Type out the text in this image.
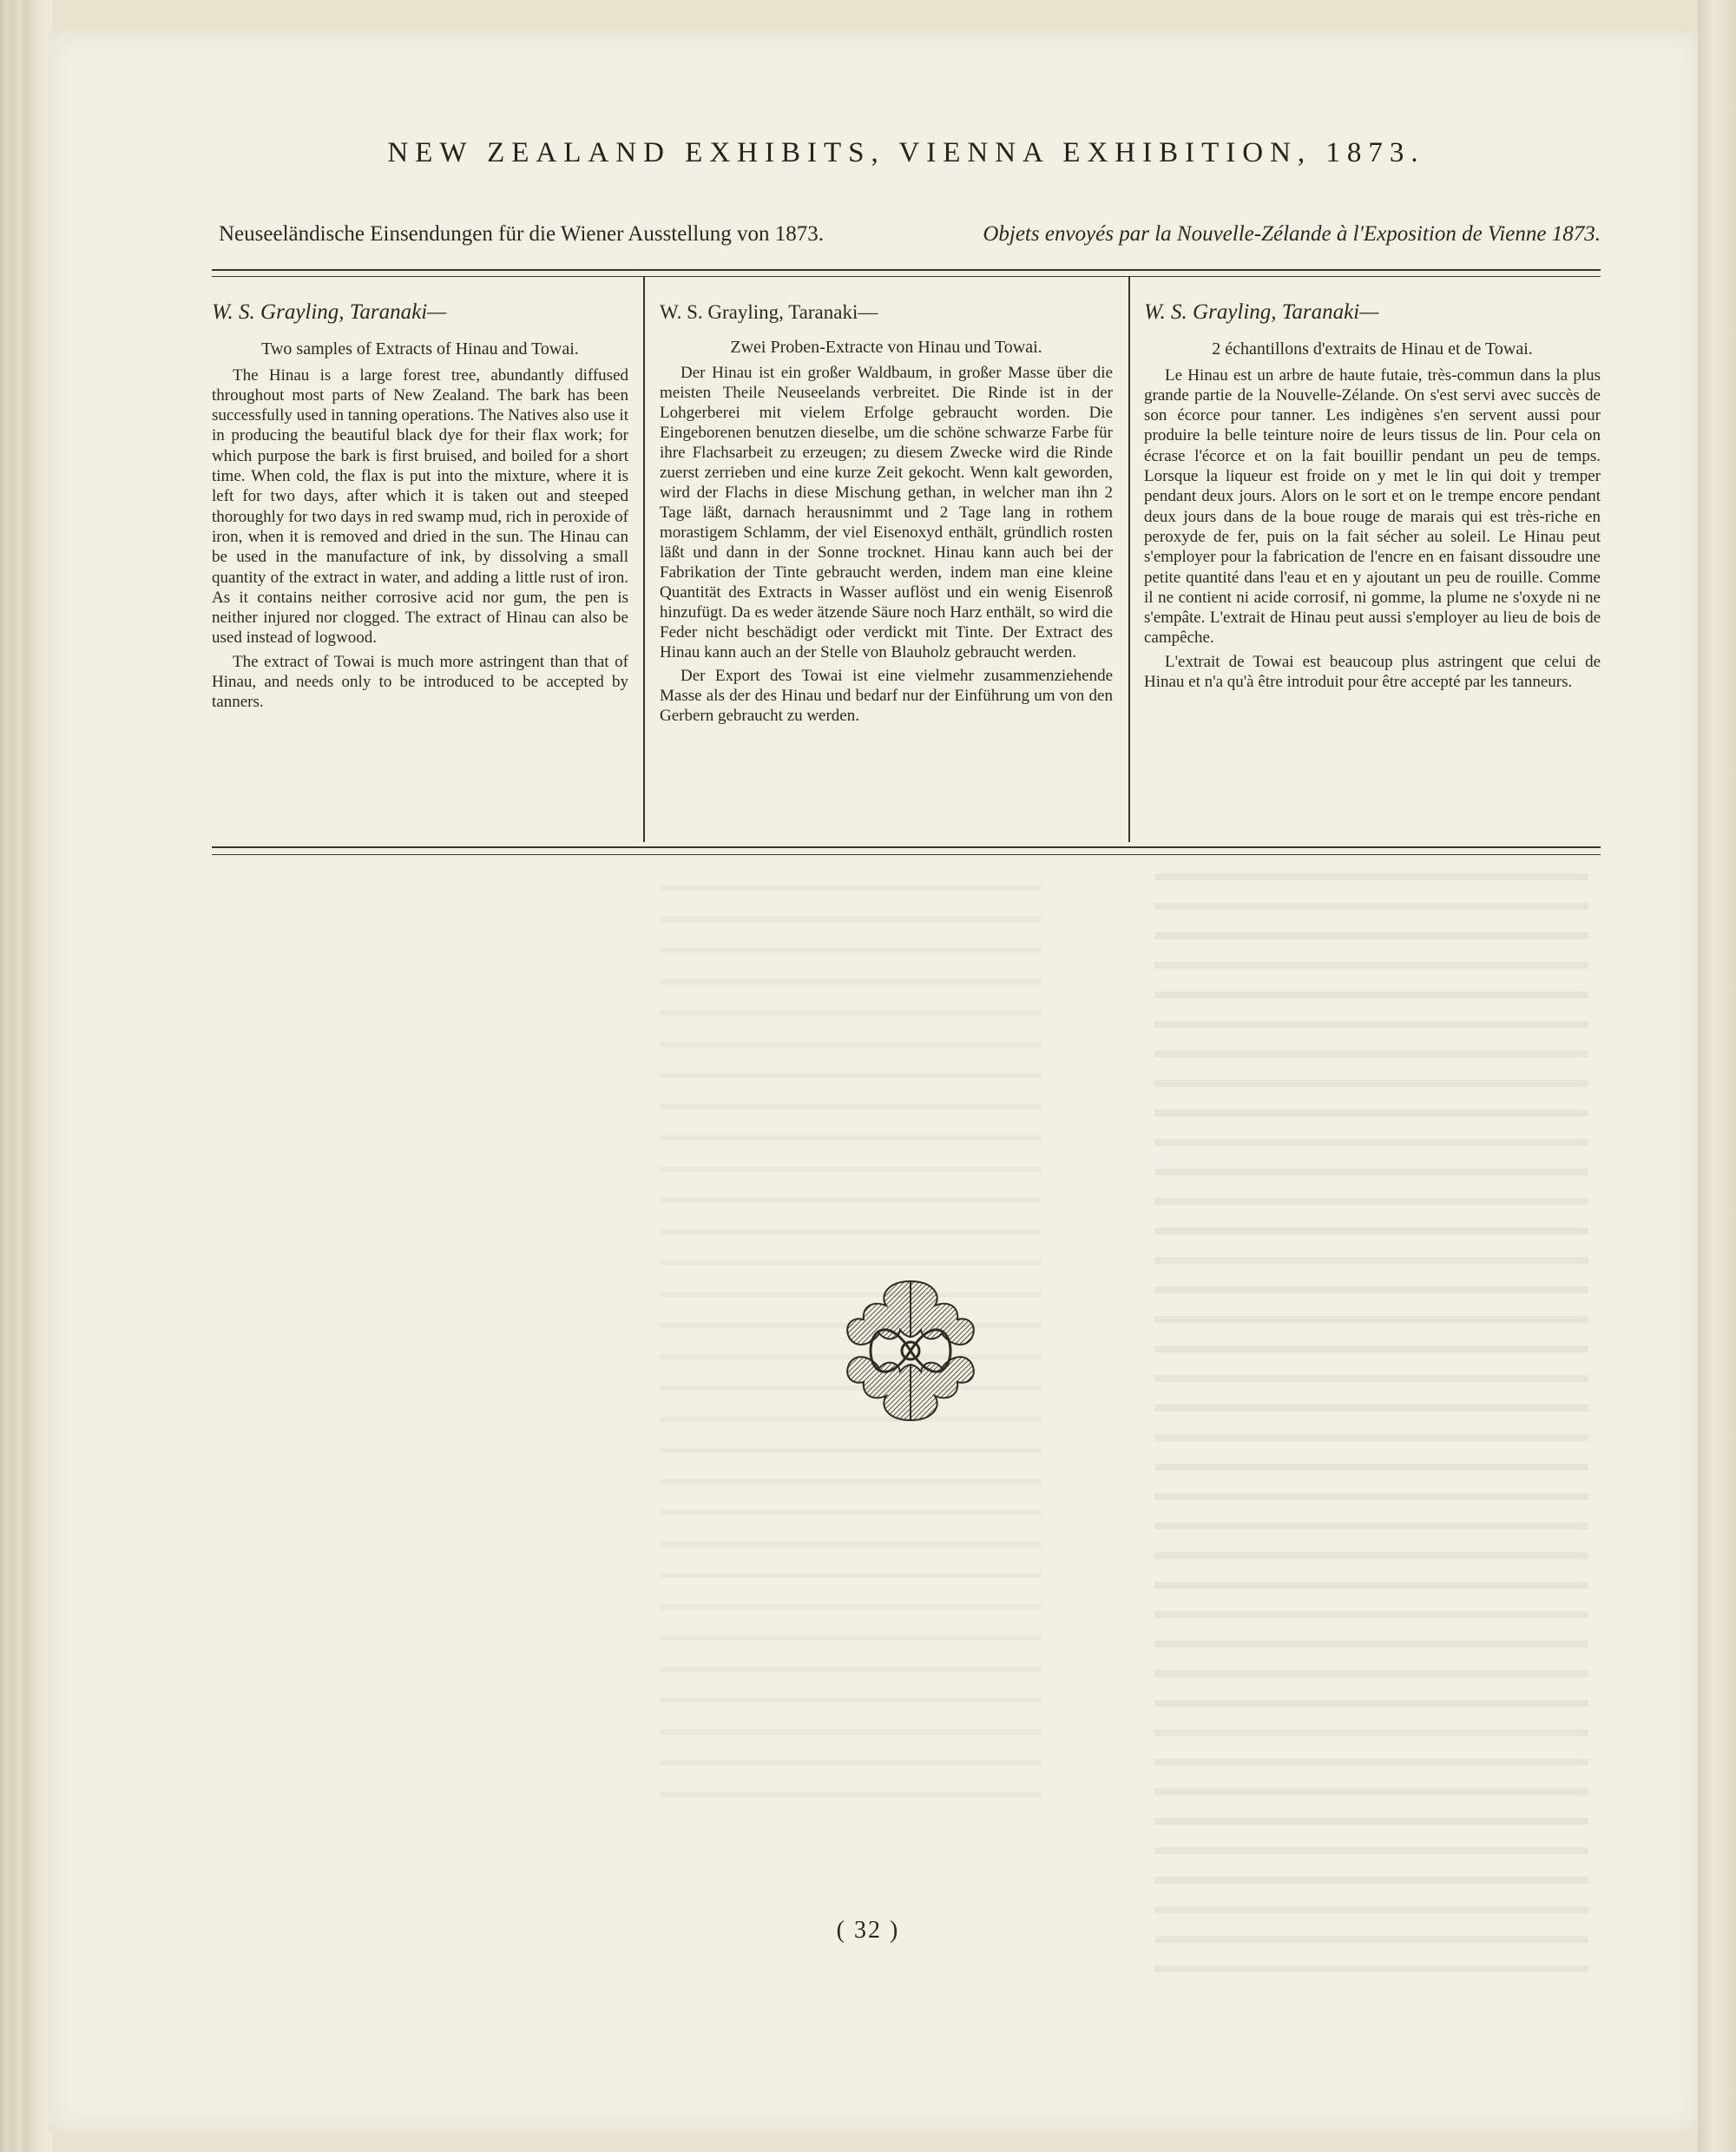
NEW ZEALAND EXHIBITS, VIENNA EXHIBITION, 1873.
Neuseeländische Einsendungen für die Wiener Ausstellung von 1873.	Objets envoyés par la Nouvelle-Zélande à l'Exposition de Vienne 1873.

W. S. Grayling, Taranaki—

Two samples of Extracts of Hinau and Towai.

The Hinau is a large forest tree, abundantly diffused throughout most parts of New Zealand. The bark has been successfully used in tanning operations. The Natives also use it in producing the beautiful black dye for their flax work; for which purpose the bark is first bruised, and boiled for a short time. When cold, the flax is put into the mixture, where it is left for two days, after which it is taken out and steeped thoroughly for two days in red swamp mud, rich in peroxide of iron, when it is removed and dried in the sun. The Hinau can be used in the manufacture of ink, by dissolving a small quantity of the extract in water, and adding a little rust of iron. As it contains neither corrosive acid nor gum, the pen is neither injured nor clogged. The extract of Hinau can also be used instead of logwood.

The extract of Towai is much more astringent than that of Hinau, and needs only to be introduced to be accepted by tanners.

W. S. Grayling, Taranaki—

Zwei Proben-Extracte von Hinau und Towai.

Der Hinau ist ein großer Waldbaum, in großer Masse über die meisten Theile Neuseelands verbreitet. Die Rinde ist in der Lohgerberei mit vielem Erfolge gebraucht worden. Die Eingeborenen benutzen dieselbe, um die schöne schwarze Farbe für ihre Flachsarbeit zu erzeugen; zu diesem Zwecke wird die Rinde zuerst zerrieben und eine kurze Zeit gekocht. Wenn kalt geworden, wird der Flachs in diese Mischung gethan, in welcher man ihn 2 Tage läßt, darnach herausnimmt und 2 Tage lang in rothem morastigem Schlamm, der viel Eisenoxyd enthält, gründlich rosten läßt und dann in der Sonne trocknet. Hinau kann auch bei der Fabrikation der Tinte gebraucht werden, indem man eine kleine Quantität des Extracts in Wasser auflöst und ein wenig Eisenroß hinzufügt. Da es weder ätzende Säure noch Harz enthält, so wird die Feder nicht beschädigt oder verdickt mit Tinte. Der Extract des Hinau kann auch an der Stelle von Blauholz gebraucht werden.

Der Export des Towai ist eine vielmehr zusammenziehende Masse als der des Hinau und bedarf nur der Einführung um von den Gerbern gebraucht zu werden.

W. S. Grayling, Taranaki—

2 échantillons d'extraits de Hinau et de Towai.

Le Hinau est un arbre de haute futaie, très-commun dans la plus grande partie de la Nouvelle-Zélande. On s'est servi avec succès de son écorce pour tanner. Les indigènes s'en servent aussi pour produire la belle teinture noire de leurs tissus de lin. Pour cela on écrase l'écorce et on la fait bouillir pendant un peu de temps. Lorsque la liqueur est froide on y met le lin qui doit y tremper pendant deux jours. Alors on le sort et on le trempe encore pendant deux jours dans de la boue rouge de marais qui est très-riche en peroxyde de fer, puis on la fait sécher au soleil. Le Hinau peut s'employer pour la fabrication de l'encre en en faisant dissoudre une petite quantité dans l'eau et en y ajoutant un peu de rouille. Comme il ne contient ni acide corrosif, ni gomme, la plume ne s'oxyde ni ne s'empâte. L'extrait de Hinau peut aussi s'employer au lieu de bois de campêche.

L'extrait de Towai est beaucoup plus astringent que celui de Hinau et n'a qu'à être introduit pour être accepté par les tanneurs.

( 32 )
